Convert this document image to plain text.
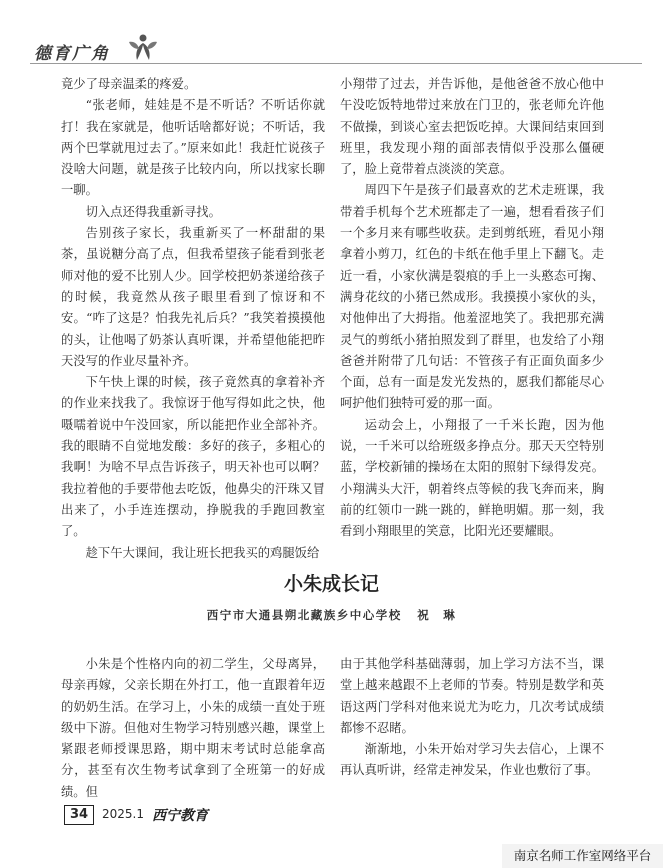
德育广角

竟少了母亲温柔的疼爱。

“张老师，娃娃是不是不听话？不听话你就打！我在家就是，他听话啥都好说；不听话，我两个巴掌就甩过去了。”原来如此！我赶忙说孩子没啥大问题，就是孩子比较内向，所以找家长聊一聊。

切入点还得我重新寻找。

告别孩子家长，我重新买了一杯甜甜的果茶，虽说糖分高了点，但我希望孩子能看到张老师对他的爱不比别人少。回学校把奶茶递给孩子的时候，我竟然从孩子眼里看到了惊讶和不安。“咋了这是？怕我先礼后兵？”我笑着摸摸他的头，让他喝了奶茶认真听课，并希望他能把昨天没写的作业尽量补齐。

下午快上课的时候，孩子竟然真的拿着补齐的作业来找我了。我惊讶于他写得如此之快，他嗫嚅着说中午没回家，所以能把作业全部补齐。我的眼睛不自觉地发酸：多好的孩子，多粗心的我啊！为啥不早点告诉孩子，明天补也可以啊？我拉着他的手要带他去吃饭，他鼻尖的汗珠又冒出来了，小手连连摆动，挣脱我的手跑回教室了。

趁下午大课间，我让班长把我买的鸡腿饭给

小翔带了过去，并告诉他，是他爸爸不放心他中午没吃饭特地带过来放在门卫的，张老师允许他不做操，到谈心室去把饭吃掉。大课间结束回到班里，我发现小翔的面部表情似乎没那么僵硬了，脸上竟带着点淡淡的笑意。

周四下午是孩子们最喜欢的艺术走班课，我带着手机每个艺术班都走了一遍，想看看孩子们一个多月来有哪些收获。走到剪纸班，看见小翔拿着小剪刀，红色的卡纸在他手里上下翻飞。走近一看，小家伙满是裂痕的手上一头憨态可掬、满身花纹的小猪已然成形。我摸摸小家伙的头，对他伸出了大拇指。他羞涩地笑了。我把那充满灵气的剪纸小猪拍照发到了群里，也发给了小翔爸爸并附带了几句话：不管孩子有正面负面多少个面，总有一面是发光发热的，愿我们都能尽心呵护他们独特可爱的那一面。

运动会上，小翔报了一千米长跑，因为他说，一千米可以给班级多挣点分。那天天空特别蓝，学校新铺的操场在太阳的照射下绿得发亮。小翔满头大汗，朝着终点等候的我飞奔而来，胸前的红领巾一跳一跳的，鲜艳明媚。那一刻，我看到小翔眼里的笑意，比阳光还要耀眼。

小朱成长记
西宁市大通县朔北藏族乡中心学校 祝　琳

小朱是个性格内向的初二学生，父母离异，母亲再嫁，父亲长期在外打工，他一直跟着年迈的奶奶生活。在学习上，小朱的成绩一直处于班级中下游。但他对生物学习特别感兴趣，课堂上紧跟老师授课思路，期中期末考试时总能拿高分，甚至有次生物考试拿到了全班第一的好成绩。但

由于其他学科基础薄弱，加上学习方法不当，课堂上越来越跟不上老师的节奏。特别是数学和英语这两门学科对他来说尤为吃力，几次考试成绩都惨不忍睹。

渐渐地，小朱开始对学习失去信心，上课不再认真听讲，经常走神发呆，作业也敷衍了事。

34	2025.1 西宁教育
南京名师工作室网络平台
